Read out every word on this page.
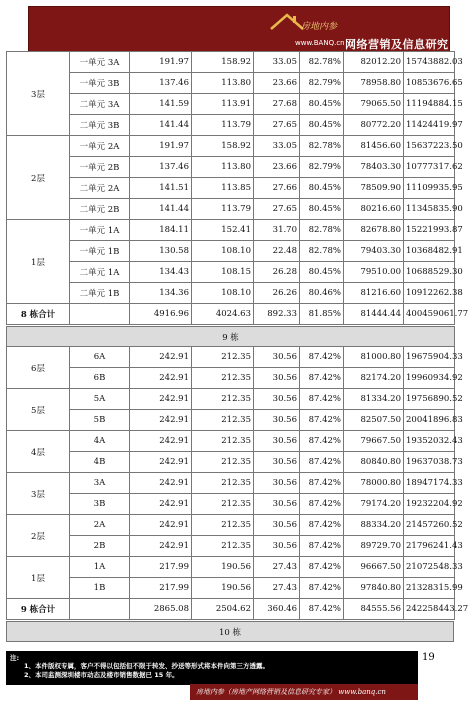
房地内参
www.BANQ.cn 网络营销及信息研究专家
3层	一单元 3A	191.97	158.92	33.05	82.78%	82012.20	15743882.03
	一单元 3B	137.46	113.80	23.66	82.79%	78958.80	10853676.65
	二单元 3A	141.59	113.91	27.68	80.45%	79065.50	11194884.15
	二单元 3B	141.44	113.79	27.65	80.45%	80772.20	11424419.97
2层	一单元 2A	191.97	158.92	33.05	82.78%	81456.60	15637223.50
	一单元 2B	137.46	113.80	23.66	82.79%	78403.30	10777317.62
	二单元 2A	141.51	113.85	27.66	80.45%	78509.90	11109935.95
	二单元 2B	141.44	113.79	27.65	80.45%	80216.60	11345835.90
1层	一单元 1A	184.11	152.41	31.70	82.78%	82678.80	15221993.87
	一单元 1B	130.58	108.10	22.48	82.78%	79403.30	10368482.91
	二单元 1A	134.43	108.15	26.28	80.45%	79510.00	10688529.30
	二单元 1B	134.36	108.10	26.26	80.46%	81216.60	10912262.38
8 栋合计		4916.96	4024.63	892.33	81.85%	81444.44	400459061.77
9 栋							
6层	6A	242.91	212.35	30.56	87.42%	81000.80	19675904.33
	6B	242.91	212.35	30.56	87.42%	82174.20	19960934.92
5层	5A	242.91	212.35	30.56	87.42%	81334.20	19756890.52
	5B	242.91	212.35	30.56	87.42%	82507.50	20041896.83
4层	4A	242.91	212.35	30.56	87.42%	79667.50	19352032.43
	4B	242.91	212.35	30.56	87.42%	80840.80	19637038.73
3层	3A	242.91	212.35	30.56	87.42%	78000.80	18947174.33
	3B	242.91	212.35	30.56	87.42%	79174.20	19232204.92
2层	2A	242.91	212.35	30.56	87.42%	88334.20	21457260.52
	2B	242.91	212.35	30.56	87.42%	89729.70	21796241.43
1层	1A	217.99	190.56	27.43	87.42%	96667.50	21072548.33
	1B	217.99	190.56	27.43	87.42%	97840.80	21328315.99
9 栋合计		2865.08	2504.62	360.46	87.42%	84555.56	242258443.27
10 栋
注:
1、本件版权专属，客户不得以包括但不限于转发、抄送等形式将本件向第三方透露。
2、本司监测深圳楼市动态及楼市销售数据已 15 年。
19
房地内参（房地产网络营销及信息研究专家） www.banq.cn
